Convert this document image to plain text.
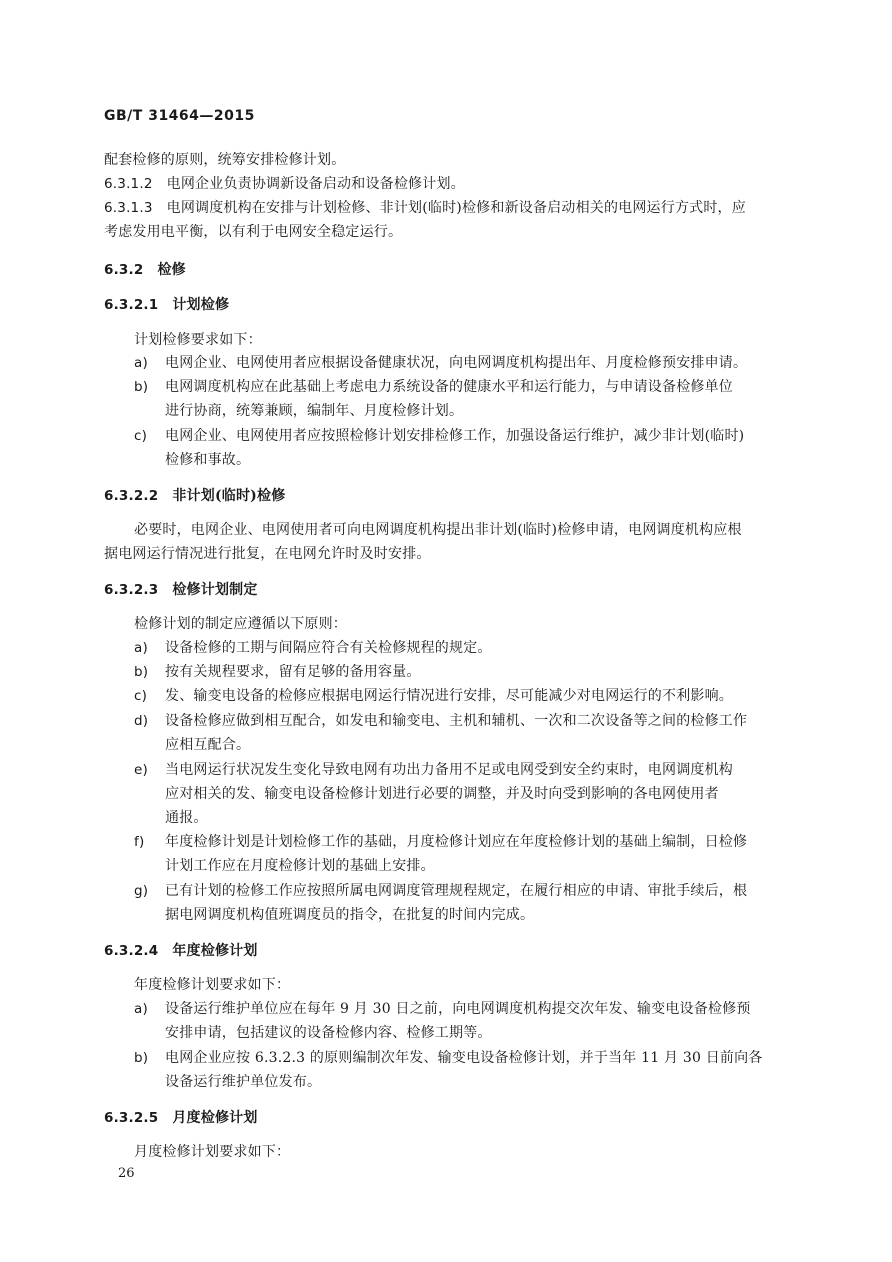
GB/T 31464—2015
配套检修的原则，统筹安排检修计划。
6.3.1.2 电网企业负责协调新设备启动和设备检修计划。
6.3.1.3 电网调度机构在安排与计划检修、非计划(临时)检修和新设备启动相关的电网运行方式时，应
考虑发用电平衡，以有利于电网安全稳定运行。
6.3.2 检修
6.3.2.1 计划检修
计划检修要求如下：
a) 电网企业、电网使用者应根据设备健康状况，向电网调度机构提出年、月度检修预安排申请。
b) 电网调度机构应在此基础上考虑电力系统设备的健康水平和运行能力，与申请设备检修单位
进行协商，统筹兼顾，编制年、月度检修计划。
c) 电网企业、电网使用者应按照检修计划安排检修工作，加强设备运行维护，减少非计划(临时)
检修和事故。
6.3.2.2 非计划(临时)检修
必要时，电网企业、电网使用者可向电网调度机构提出非计划(临时)检修申请，电网调度机构应根
据电网运行情况进行批复，在电网允许时及时安排。
6.3.2.3 检修计划制定
检修计划的制定应遵循以下原则：
a) 设备检修的工期与间隔应符合有关检修规程的规定。
b) 按有关规程要求，留有足够的备用容量。
c) 发、输变电设备的检修应根据电网运行情况进行安排，尽可能减少对电网运行的不利影响。
d) 设备检修应做到相互配合，如发电和输变电、主机和辅机、一次和二次设备等之间的检修工作
应相互配合。
e) 当电网运行状况发生变化导致电网有功出力备用不足或电网受到安全约束时，电网调度机构
应对相关的发、输变电设备检修计划进行必要的调整，并及时向受到影响的各电网使用者
通报。
f) 年度检修计划是计划检修工作的基础，月度检修计划应在年度检修计划的基础上编制，日检修
计划工作应在月度检修计划的基础上安排。
g) 已有计划的检修工作应按照所属电网调度管理规程规定，在履行相应的申请、审批手续后，根
据电网调度机构值班调度员的指令，在批复的时间内完成。
6.3.2.4 年度检修计划
年度检修计划要求如下：
a) 设备运行维护单位应在每年 9 月 30 日之前，向电网调度机构提交次年发、输变电设备检修预
安排申请，包括建议的设备检修内容、检修工期等。
b) 电网企业应按 6.3.2.3 的原则编制次年发、输变电设备检修计划，并于当年 11 月 30 日前向各
设备运行维护单位发布。
6.3.2.5 月度检修计划
月度检修计划要求如下：
26
